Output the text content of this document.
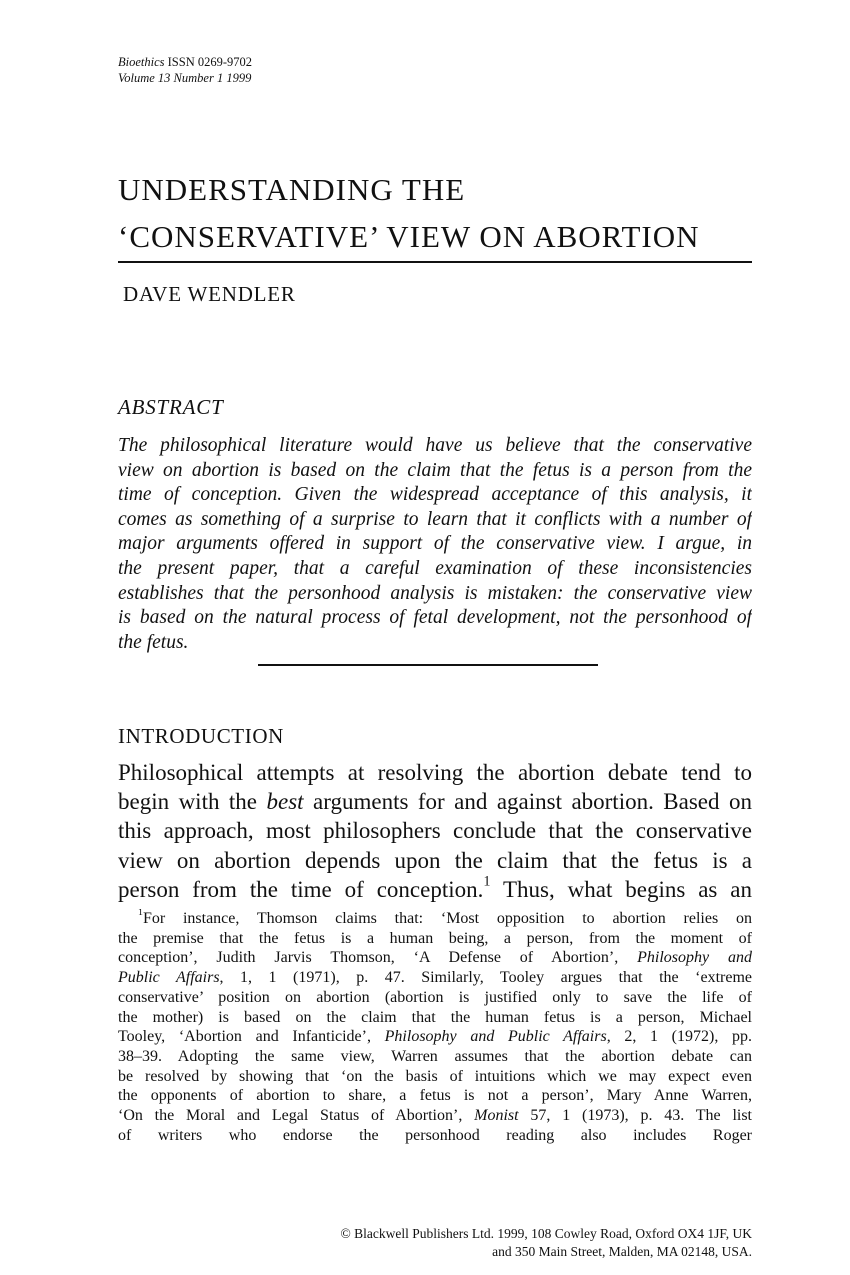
Bioethics ISSN 0269-9702
Volume 13 Number 1 1999
UNDERSTANDING THE
‘CONSERVATIVE’ VIEW ON ABORTION
DAVE WENDLER
ABSTRACT
The philosophical literature would have us believe that the conservative
view on abortion is based on the claim that the fetus is a person from the
time of conception. Given the widespread acceptance of this analysis, it
comes as something of a surprise to learn that it conflicts with a number of
major arguments offered in support of the conservative view. I argue, in
the present paper, that a careful examination of these inconsistencies
establishes that the personhood analysis is mistaken: the conservative view
is based on the natural process of fetal development, not the personhood of
the fetus.
INTRODUCTION
Philosophical attempts at resolving the abortion debate tend to
begin with the best arguments for and against abortion. Based on
this approach, most philosophers conclude that the conservative
view on abortion depends upon the claim that the fetus is a
person from the time of conception.$^1$ Thus, what begins as an
$^1$For instance, Thomson claims that: ‘Most opposition to abortion relies on
the premise that the fetus is a human being, a person, from the moment of
conception’, Judith Jarvis Thomson, ‘A Defense of Abortion’, Philosophy and
Public Affairs, 1, 1 (1971), p. 47. Similarly, Tooley argues that the ‘extreme
conservative’ position on abortion (abortion is justified only to save the life of
the mother) is based on the claim that the human fetus is a person, Michael
Tooley, ‘Abortion and Infanticide’, Philosophy and Public Affairs, 2, 1 (1972), pp.
38–39. Adopting the same view, Warren assumes that the abortion debate can
be resolved by showing that ‘on the basis of intuitions which we may expect even
the opponents of abortion to share, a fetus is not a person’, Mary Anne Warren,
‘On the Moral and Legal Status of Abortion’, Monist 57, 1 (1973), p. 43. The list
of writers who endorse the personhood reading also includes Roger
© Blackwell Publishers Ltd. 1999, 108 Cowley Road, Oxford OX4 1JF, UK
and 350 Main Street, Malden, MA 02148, USA.
